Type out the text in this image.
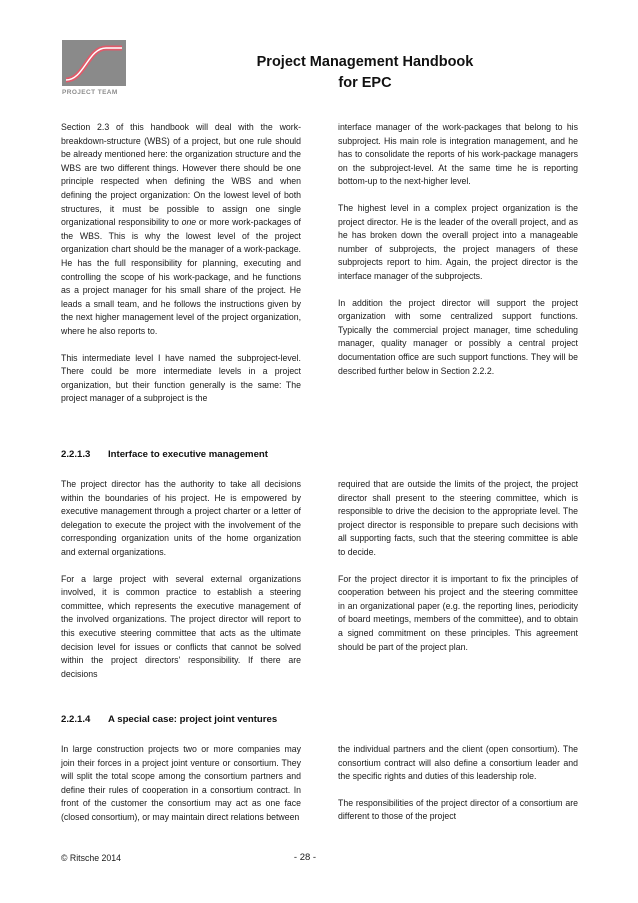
PROJECT TEAM
Project Management Handbook
for EPC

Section 2.3 of this handbook will deal with the work-breakdown-structure (WBS) of a project, but one rule should be already mentioned here: the organization structure and the WBS are two different things. However there should be one principle respected when defining the WBS and when defining the project organization: On the lowest level of both structures, it must be possible to assign one single organizational responsibility to one or more work-packages of the WBS. This is why the lowest level of the project organization chart should be the manager of a work-package. He has the full responsibility for planning, executing and controlling the scope of his work-package, and he functions as a project manager for his small share of the project. He leads a small team, and he follows the instructions given by the next higher management level of the project organization, where he also reports to.

This intermediate level I have named the subproject-level. There could be more intermediate levels in a project organization, but their function generally is the same: The project manager of a subproject is the

interface manager of the work-packages that belong to his subproject. His main role is integration management, and he has to consolidate the reports of his work-package managers on the subproject-level. At the same time he is reporting bottom-up to the next-higher level.

The highest level in a complex project organization is the project director. He is the leader of the overall project, and as he has broken down the overall project into a manageable number of subprojects, the project managers of these subprojects report to him. Again, the project director is the interface manager of the subprojects.

In addition the project director will support the project organization with some centralized support functions. Typically the commercial project manager, time scheduling manager, quality manager or possibly a central project documentation office are such support functions. They will be described further below in Section 2.2.2.

2.2.1.3	Interface to executive management

The project director has the authority to take all decisions within the boundaries of his project. He is empowered by executive management through a project charter or a letter of delegation to execute the project with the involvement of the corresponding organization units of the home organization and external organizations.

For a large project with several external organizations involved, it is common practice to establish a steering committee, which represents the executive management of the involved organizations. The project director will report to this executive steering committee that acts as the ultimate decision level for issues or conflicts that cannot be solved within the project directors' responsibility. If there are decisions

required that are outside the limits of the project, the project director shall present to the steering committee, which is responsible to drive the decision to the appropriate level. The project director is responsible to prepare such decisions with all supporting facts, such that the steering committee is able to decide.

For the project director it is important to fix the principles of cooperation between his project and the steering committee in an organizational paper (e.g. the reporting lines, periodicity of board meetings, members of the committee), and to obtain a signed commitment on these principles. This agreement should be part of the project plan.

2.2.1.4	A special case: project joint ventures

In large construction projects two or more companies may join their forces in a project joint venture or consortium. They will split the total scope among the consortium partners and define their rules of cooperation in a consortium contract. In front of the customer the consortium may act as one face (closed consortium), or may maintain direct relations between

the individual partners and the client (open consortium). The consortium contract will also define a consortium leader and the specific rights and duties of this leadership role.

The responsibilities of the project director of a consortium are different to those of the project

© Ritsche 2014	- 28 -
